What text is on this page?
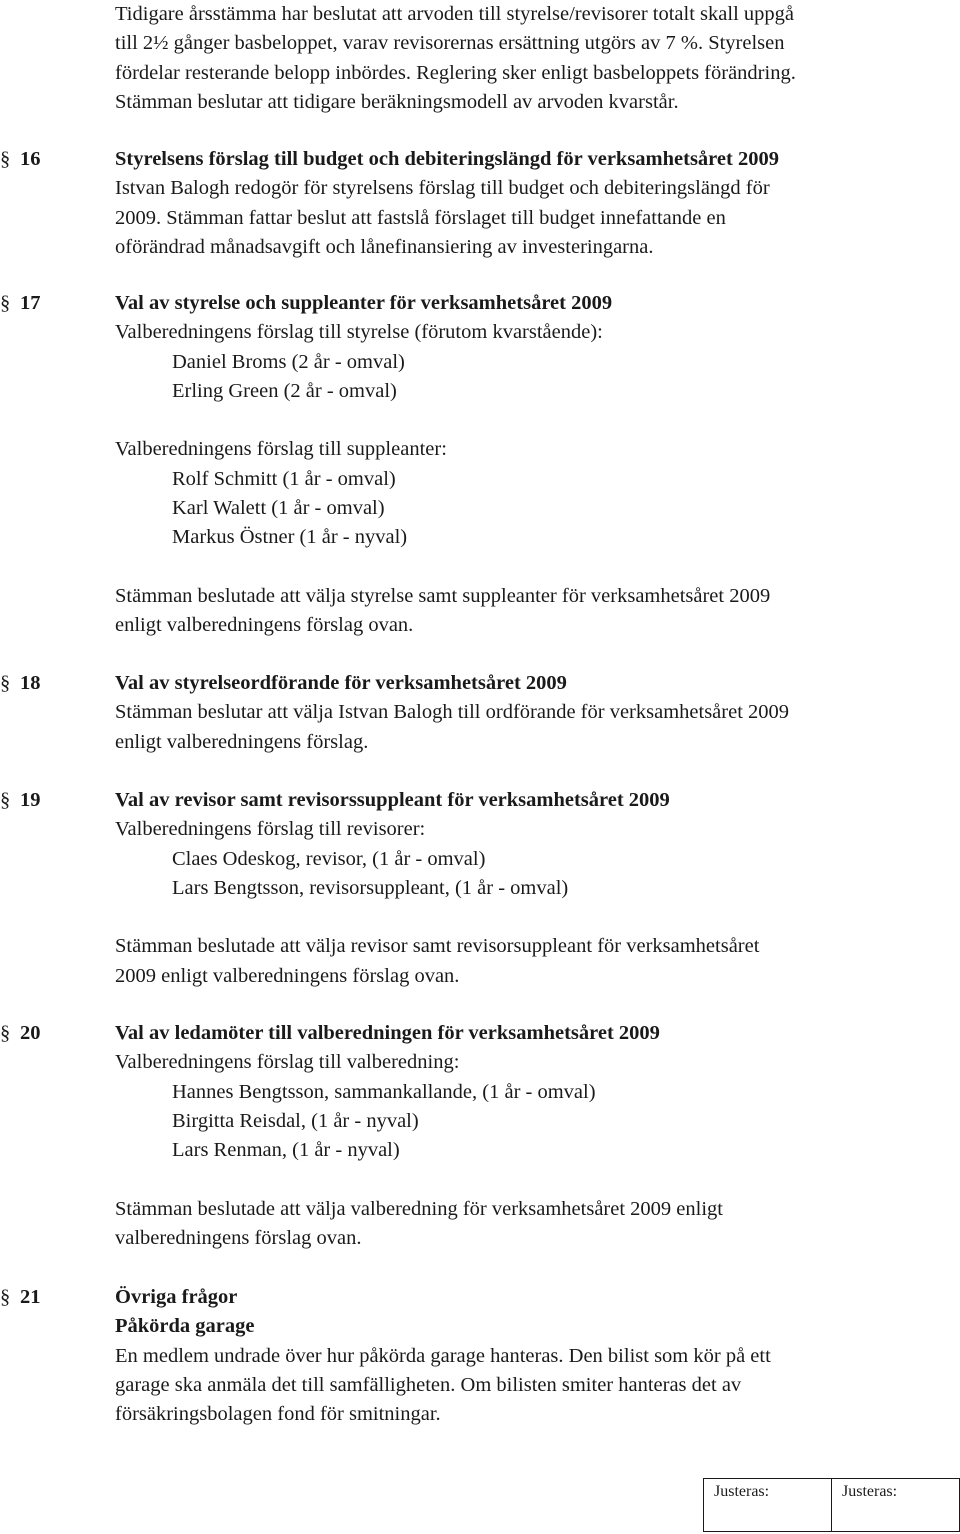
Tidigare årsstämma har beslutat att arvoden till styrelse/revisorer totalt skall uppgå
till 2½ gånger basbeloppet, varav revisorernas ersättning utgörs av 7 %. Styrelsen
fördelar resterande belopp inbördes. Reglering sker enligt basbeloppets förändring.
Stämman beslutar att tidigare beräkningsmodell av arvoden kvarstår.
§ 16	Styrelsens förslag till budget och debiteringslängd för verksamhetsåret 2009
Istvan Balogh redogör för styrelsens förslag till budget och debiteringslängd för
2009. Stämman fattar beslut att fastslå förslaget till budget innefattande en
oförändrad månadsavgift och lånefinansiering av investeringarna.
§ 17	Val av styrelse och suppleanter för verksamhetsåret 2009
Valberedningens förslag till styrelse (förutom kvarstående):
Daniel Broms (2 år - omval)
Erling Green (2 år - omval)
Valberedningens förslag till suppleanter:
Rolf Schmitt (1 år - omval)
Karl Walett (1 år - omval)
Markus Östner (1 år - nyval)
Stämman beslutade att välja styrelse samt suppleanter för verksamhetsåret 2009
enligt valberedningens förslag ovan.
§ 18	Val av styrelseordförande för verksamhetsåret 2009
Stämman beslutar att välja Istvan Balogh till ordförande för verksamhetsåret 2009
enligt valberedningens förslag.
§ 19	Val av revisor samt revisorssuppleant för verksamhetsåret 2009
Valberedningens förslag till revisorer:
Claes Odeskog, revisor, (1 år - omval)
Lars Bengtsson, revisorsuppleant, (1 år - omval)
Stämman beslutade att välja revisor samt revisorsuppleant för verksamhetsåret
2009 enligt valberedningens förslag ovan.
§ 20	Val av ledamöter till valberedningen för verksamhetsåret 2009
Valberedningens förslag till valberedning:
Hannes Bengtsson, sammankallande, (1 år - omval)
Birgitta Reisdal, (1 år - nyval)
Lars Renman, (1 år - nyval)
Stämman beslutade att välja valberedning för verksamhetsåret 2009 enligt
valberedningens förslag ovan.
§ 21	Övriga frågor
Påkörda garage
En medlem undrade över hur påkörda garage hanteras. Den bilist som kör på ett
garage ska anmäla det till samfälligheten. Om bilisten smiter hanteras det av
försäkringsbolagen fond för smitningar.
Justeras:	Justeras:
